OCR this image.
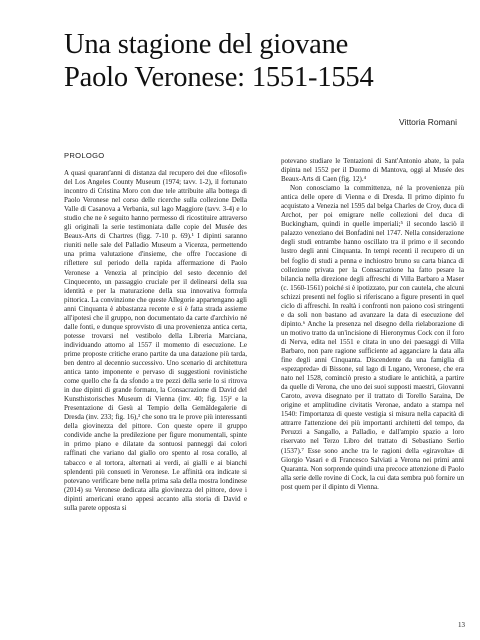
Una stagione del giovane
Paolo Veronese: 1551-1554
Vittoria Romani
PROLOGO

A quasi quarant'anni di distanza dal recupero dei due «filosofi» del Los Angeles County Museum (1974; tavv. 1-2), il fortunato incontro di Cristina Moro con due tele attribuite alla bottega di Paolo Veronese nel corso delle ricerche sulla collezione Della Valle di Casanova a Verbania, sul lago Maggiore (tavv. 3-4) e lo studio che ne è seguito hanno permesso di ricostituire attraverso gli originali la serie testimoniata dalle copie del Musée des Beaux-Arts di Chartres (figg. 7-10 p. 69).¹ I dipinti saranno riuniti nelle sale del Palladio Museum a Vicenza, permettendo una prima valutazione d'insieme, che offre l'occasione di riflettere sul periodo della rapida affermazione di Paolo Veronese a Venezia al principio del sesto decennio del Cinquecento, un passaggio cruciale per il delinearsi della sua identità e per la maturazione della sua innovativa formula pittorica. La convinzione che queste Allegorie appartengano agli anni Cinquanta è abbastanza recente e si è fatta strada assieme all'ipotesi che il gruppo, non documentato da carte d'archivio né dalle fonti, e dunque sprovvisto di una provenienza antica certa, potesse trovarsi nel vestibolo della Libreria Marciana, individuando attorno al 1557 il momento di esecuzione. Le prime proposte critiche erano partite da una datazione più tarda, ben dentro al decennio successivo. Uno scenario di architettura antica tanto imponente e pervaso di suggestioni rovinistiche come quello che fa da sfondo a tre pezzi della serie lo si ritrova in due dipinti di grande formato, la Consacrazione di David del Kunsthistorisches Museum di Vienna (inv. 40; fig. 15)² e la Presentazione di Gesù al Tempio della Gemäldegalerie di Dresda (inv. 233; fig. 16),³ che sono tra le prove più interessanti della giovinezza del pittore. Con queste opere il gruppo condivide anche la predilezione per figure monumentali, spinte in primo piano e dilatate da sontuosi panneggi dai colori raffinati che variano dal giallo oro spento al rosa corallo, al tabacco e al tortora, alternati ai verdi, ai gialli e ai bianchi splendenti più consueti in Veronese. Le affinità ora indicate si potevano verificare bene nella prima sala della mostra londinese (2014) su Veronese dedicata alla giovinezza del pittore, dove i dipinti americani erano appesi accanto alla storia di David e sulla parete opposta si

potevano studiare le Tentazioni di Sant'Antonio abate, la pala dipinta nel 1552 per il Duomo di Mantova, oggi al Musée des Beaux-Arts di Caen (fig. 12).⁴

Non conosciamo la committenza, né la provenienza più antica delle opere di Vienna e di Dresda. Il primo dipinto fu acquistato a Venezia nel 1595 dal belga Charles de Croy, duca di Archot, per poi emigrare nelle collezioni del duca di Buckingham, quindi in quelle imperiali;⁵ il secondo lasciò il palazzo veneziano dei Bonfadini nel 1747. Nella considerazione degli studi entrambe hanno oscillato tra il primo e il secondo lustro degli anni Cinquanta. In tempi recenti il recupero di un bel foglio di studi a penna e inchiostro bruno su carta bianca di collezione privata per la Consacrazione ha fatto pesare la bilancia nella direzione degli affreschi di Villa Barbaro a Maser (c. 1560-1561) poiché si è ipotizzato, pur con cautela, che alcuni schizzi presenti nel foglio si riferiscano a figure presenti in quel ciclo di affreschi. In realtà i confronti non paiono così stringenti e da soli non bastano ad avanzare la data di esecuzione del dipinto.⁶ Anche la presenza nel disegno della rielaborazione di un motivo tratto da un'incisione di Hieronymus Cock con il foro di Nerva, edita nel 1551 e citata in uno dei paesaggi di Villa Barbaro, non pare ragione sufficiente ad agganciare la data alla fine degli anni Cinquanta. Discendente da una famiglia di «spezapreda» di Bissone, sul lago di Lugano, Veronese, che era nato nel 1528, cominciò presto a studiare le antichità, a partire da quelle di Verona, che uno dei suoi supposti maestri, Giovanni Caroto, aveva disegnato per il trattato di Torello Saraina, De origine et amplitudine civitatis Veronae, andato a stampa nel 1540: l'importanza di queste vestigia si misura nella capacità di attrarre l'attenzione dei più importanti architetti del tempo, da Peruzzi a Sangallo, a Palladio, e dall'ampio spazio a loro riservato nel Terzo Libro del trattato di Sebastiano Serlio (1537).⁷ Esse sono anche tra le ragioni della «giravolta» di Giorgio Vasari e di Francesco Salviati a Verona nei primi anni Quaranta. Non sorprende quindi una precoce attenzione di Paolo alla serie delle rovine di Cock, la cui data sembra può fornire un post quem per il dipinto di Vienna.

13
